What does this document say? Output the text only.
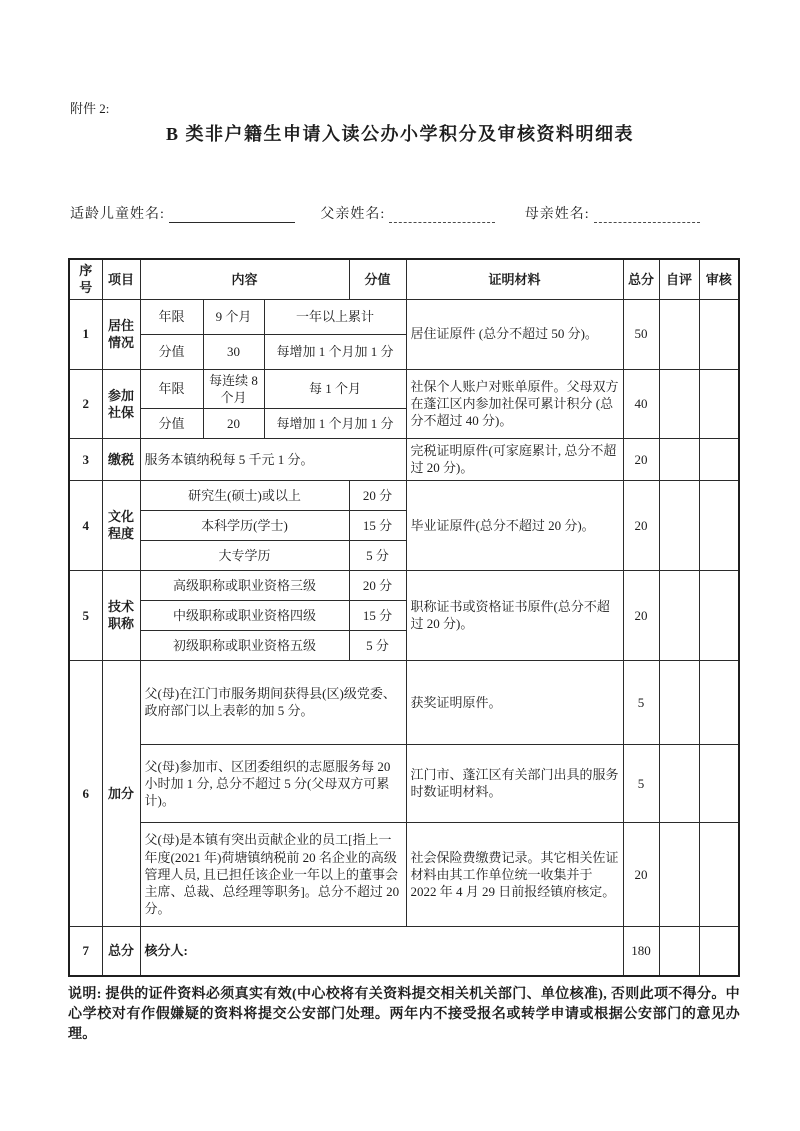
附件 2:
B 类非户籍生申请入读公办小学积分及审核资料明细表
适龄儿童姓名:	父亲姓名:	母亲姓名:
序号	项目	内容			分值	证明材料	总分	自评	审核
1	居住情况	年限	9 个月	一年以上累计		居住证原件 (总分不超过 50 分)。	50		
		分值	30	每增加 1 个月加 1 分					
2	参加社保	年限	每连续 8 个月	每 1 个月		社保个人账户对账单原件。父母双方在蓬江区内参加社保可累计积分 (总分不超过 40 分)。	40		
		分值	20	每增加 1 个月加 1 分					
3	缴税	服务本镇纳税每 5 千元 1 分。				完税证明原件(可家庭累计, 总分不超过 20 分)。	20		
4	文化程度	研究生(硕士)或以上			20 分	毕业证原件(总分不超过 20 分)。	20		
		本科学历(学士)			15 分				
		大专学历			5 分				
5	技术职称	高级职称或职业资格三级			20 分	职称证书或资格证书原件(总分不超过 20 分)。	20		
		中级职称或职业资格四级			15 分				
		初级职称或职业资格五级			5 分				
6	加分	父(母)在江门市服务期间获得县(区)级党委、政府部门以上表彰的加 5 分。				获奖证明原件。	5		
		父(母)参加市、区团委组织的志愿服务每 20 小时加 1 分, 总分不超过 5 分(父母双方可累计)。				江门市、蓬江区有关部门出具的服务时数证明材料。	5		
		父(母)是本镇有突出贡献企业的员工[指上一年度(2021 年)荷塘镇纳税前 20 名企业的高级管理人员, 且已担任该企业一年以上的董事会主席、总裁、总经理等职务]。总分不超过 20 分。				社会保险费缴费记录。其它相关佐证材料由其工作单位统一收集并于 2022 年 4 月 29 日前报经镇府核定。	20		
7	总分	核分人:					180		
说明: 提供的证件资料必须真实有效(中心校将有关资料提交相关机关部门、单位核准), 否则此项不得分。中心学校对有作假嫌疑的资料将提交公安部门处理。两年内不接受报名或转学申请或根据公安部门的意见办理。
